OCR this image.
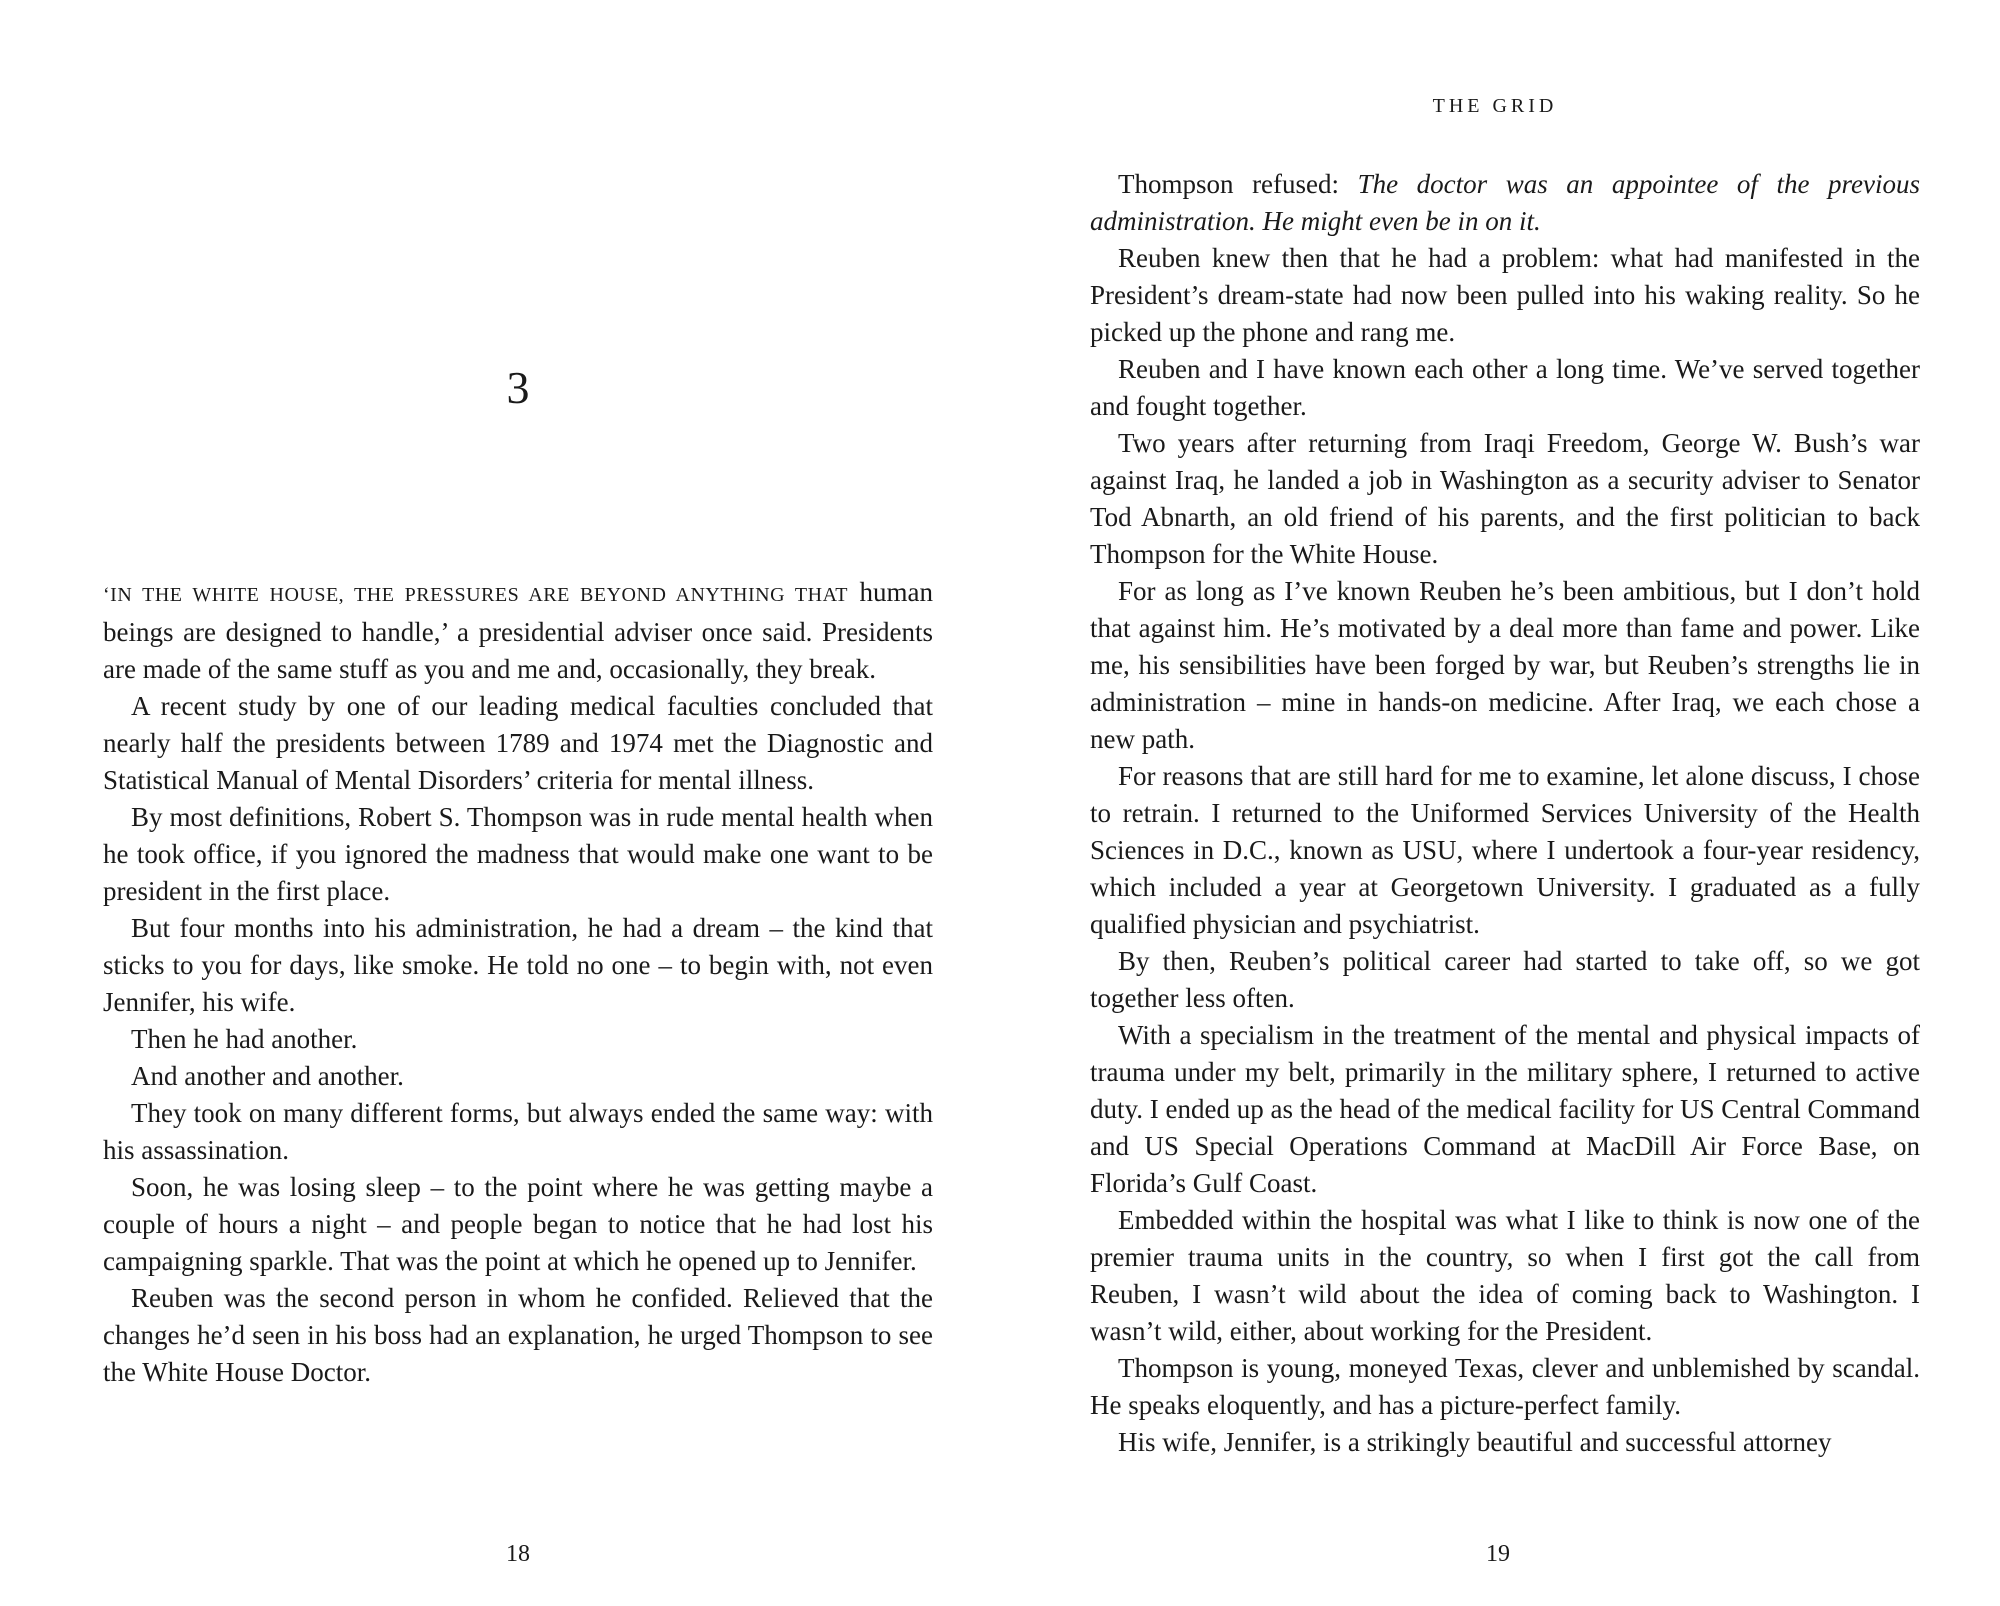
3

‘IN THE WHITE HOUSE, THE PRESSURES ARE BEYOND ANYTHING THAT human beings are designed to handle,’ a presidential adviser once said. Presidents are made of the same stuff as you and me and, occasionally, they break.

A recent study by one of our leading medical faculties concluded that nearly half the presidents between 1789 and 1974 met the Diagnostic and Statistical Manual of Mental Disorders’ criteria for mental illness.

By most definitions, Robert S. Thompson was in rude mental health when he took office, if you ignored the madness that would make one want to be president in the first place.

But four months into his administration, he had a dream – the kind that sticks to you for days, like smoke. He told no one – to begin with, not even Jennifer, his wife.

Then he had another.

And another and another.

They took on many different forms, but always ended the same way: with his assassination.

Soon, he was losing sleep – to the point where he was getting maybe a couple of hours a night – and people began to notice that he had lost his campaigning sparkle. That was the point at which he opened up to Jennifer.

Reuben was the second person in whom he confided. Relieved that the changes he’d seen in his boss had an explanation, he urged Thompson to see the White House Doctor.

18
THE GRID

Thompson refused: The doctor was an appointee of the previous administration. He might even be in on it.

Reuben knew then that he had a problem: what had manifested in the President’s dream-state had now been pulled into his waking reality. So he picked up the phone and rang me.

Reuben and I have known each other a long time. We’ve served together and fought together.

Two years after returning from Iraqi Freedom, George W. Bush’s war against Iraq, he landed a job in Washington as a security adviser to Senator Tod Abnarth, an old friend of his parents, and the first politician to back Thompson for the White House.

For as long as I’ve known Reuben he’s been ambitious, but I don’t hold that against him. He’s motivated by a deal more than fame and power. Like me, his sensibilities have been forged by war, but Reuben’s strengths lie in administration – mine in hands-on medicine. After Iraq, we each chose a new path.

For reasons that are still hard for me to examine, let alone discuss, I chose to retrain. I returned to the Uniformed Services University of the Health Sciences in D.C., known as USU, where I undertook a four-year residency, which included a year at Georgetown University. I graduated as a fully qualified physician and psychiatrist.

By then, Reuben’s political career had started to take off, so we got together less often.

With a specialism in the treatment of the mental and physical impacts of trauma under my belt, primarily in the military sphere, I returned to active duty. I ended up as the head of the medical facility for US Central Command and US Special Operations Command at MacDill Air Force Base, on Florida’s Gulf Coast.

Embedded within the hospital was what I like to think is now one of the premier trauma units in the country, so when I first got the call from Reuben, I wasn’t wild about the idea of coming back to Washington. I wasn’t wild, either, about working for the President.

Thompson is young, moneyed Texas, clever and unblemished by scandal. He speaks eloquently, and has a picture-perfect family.

His wife, Jennifer, is a strikingly beautiful and successful attorney

19
